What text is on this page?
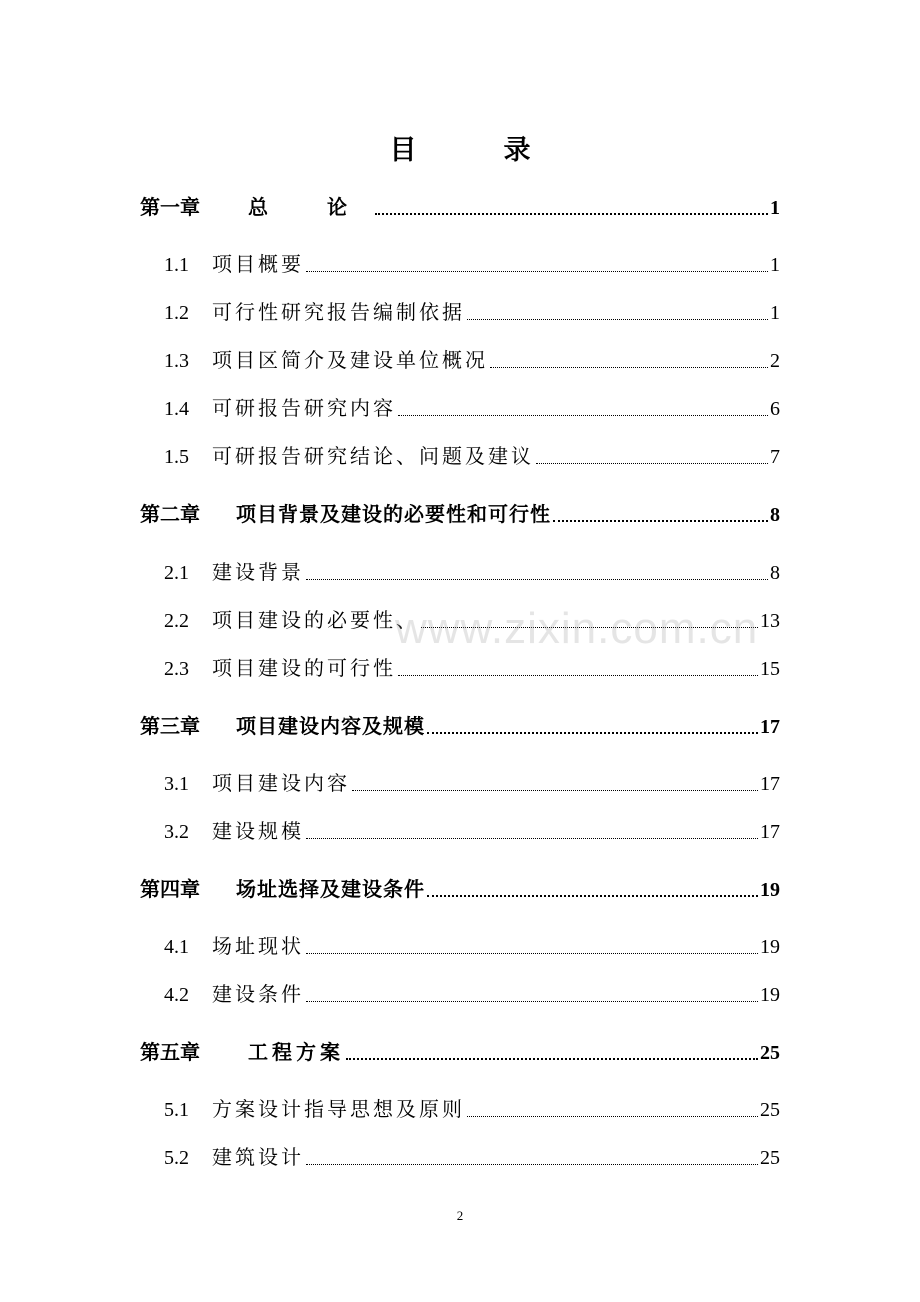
目　录
第一章 总 论	1
1.1	项目概要	1
1.2	可行性研究报告编制依据	1
1.3	项目区简介及建设单位概况	2
1.4	可研报告研究内容	6
1.5	可研报告研究结论、问题及建议	7
第二章 项目背景及建设的必要性和可行性	8
2.1	建设背景	8
2.2	项目建设的必要性、	13
2.3	项目建设的可行性	15
第三章 项目建设内容及规模	17
3.1	项目建设内容	17
3.2	建设规模	17
第四章 场址选择及建设条件	19
4.1	场址现状	19
4.2	建设条件	19
第五章 工程方案	25
5.1	方案设计指导思想及原则	25
5.2	建筑设计	25
www.zixin.com.cn
2
